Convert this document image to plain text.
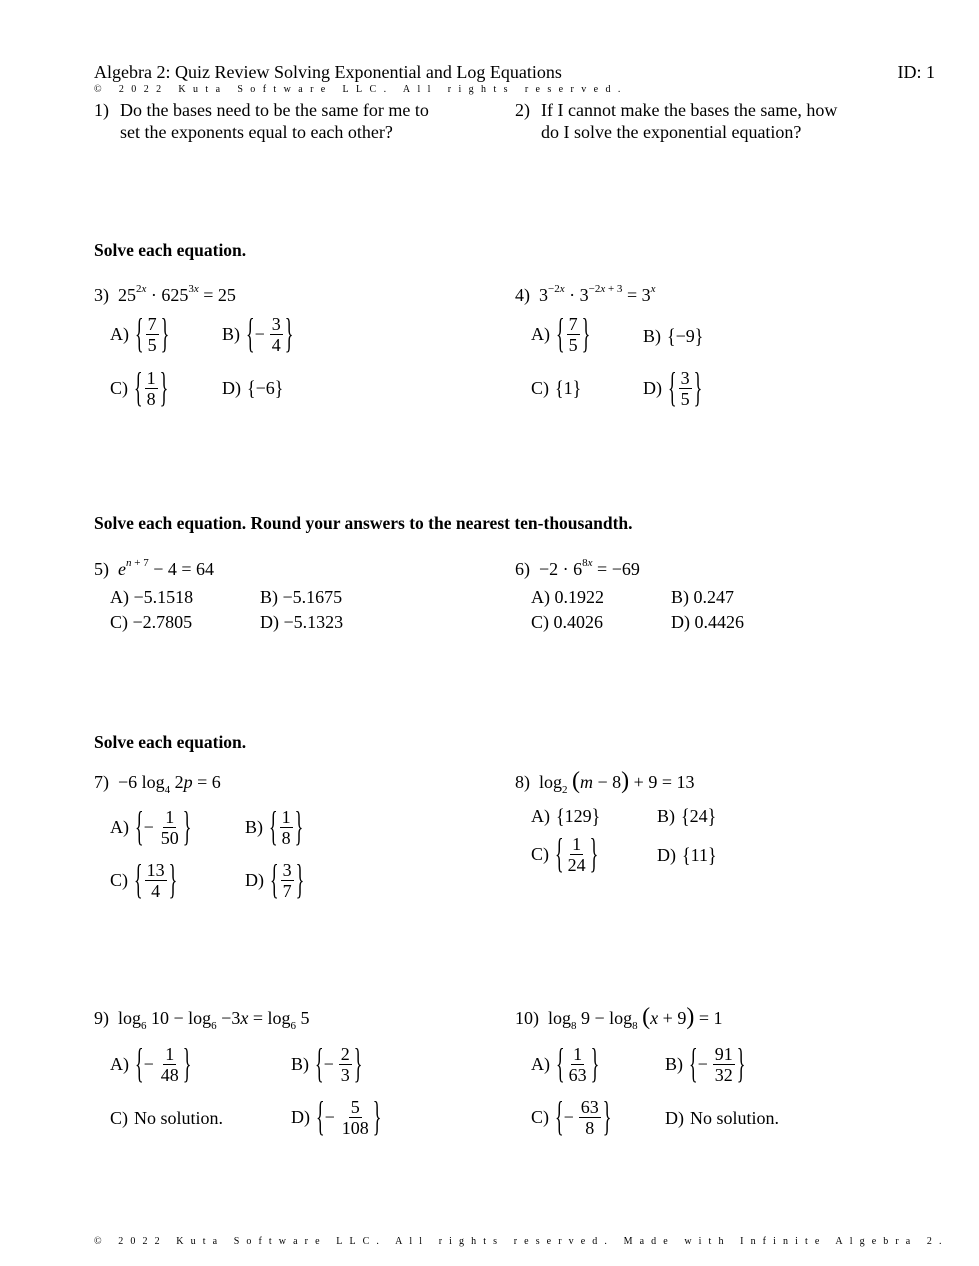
Algebra 2: Quiz Review Solving Exponential and Log Equations	ID: 1
© 2022 Kuta Software LLC. All rights reserved.
1) Do the bases need to be the same for me to
set the exponents equal to each other?
2) If I cannot make the bases the same, how
do I solve the exponential equation?
Solve each equation.
3)  $25^{2x} \cdot 625^{3x} = 25$
A) { $\frac{7}{5}$ }	B) { − $\frac{3}{4}$ }
C) { $\frac{1}{8}$ }	D) { −6 }
4)  $3^{-2x} \cdot 3^{-2x + 3} = 3^x$
A) { $\frac{7}{5}$ }	B) { −9 }
C) { 1 }	D) { $\frac{3}{5}$ }
Solve each equation. Round your answers to the nearest ten-thousandth.
5) $e^{n + 7} - 4 = 64$
A) −5.1518	B) −5.1675
C) −2.7805	D) −5.1323
$6) -2 \cdot 6^{8x} = -69$
A) 0.1922	B) 0.247
C) 0.4026	D) 0.4426
Solve each equation.
7)  −6 $\log_4 2p = 6$
A) { − $\frac{1}{50}$ }	B) { $\frac{1}{8}$ }
C) { $\frac{13}{4}$ }	D) { $\frac{3}{7}$ }
8)  $\log_2 (m - 8) + 9 = 13$
A) { 129 }	B) { 24 }
C) { $\frac{1}{24}$ }	D) { 11 }
9)  $\log_6 10 - \log_6 -3x = \log_6 5$
A) { − $\frac{1}{48}$ }	B) { − $\frac{2}{3}$ }
C) No solution.	D) { − $\frac{5}{108}$ }
10)  $\log_8 9 - \log_8 (x + 9) = 1$
A) { $\frac{1}{63}$ }	B) { − $\frac{91}{32}$ }
C) { − $\frac{63}{8}$ }	D) No solution.
© 2022 Kuta Software LLC. All rights reserved. Made with Infinite Algebra 2.
